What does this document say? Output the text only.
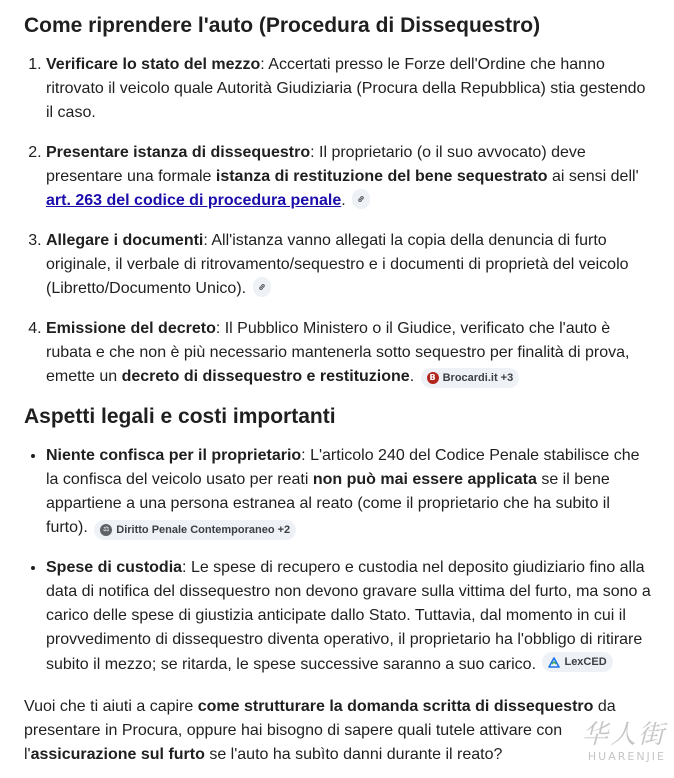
Come riprendere l'auto (Procedura di Dissequestro)
1. Verificare lo stato del mezzo: Accertati presso le Forze dell'Ordine che hanno ritrovato il veicolo quale Autorità Giudiziaria (Procura della Repubblica) stia gestendo il caso.
2. Presentare istanza di dissequestro: Il proprietario (o il suo avvocato) deve presentare una formale istanza di restituzione del bene sequestrato ai sensi dell' art. 263 del codice di procedura penale.
3. Allegare i documenti: All'istanza vanno allegati la copia della denuncia di furto originale, il verbale di ritrovamento/sequestro e i documenti di proprietà del veicolo (Libretto/Documento Unico).
4. Emissione del decreto: Il Pubblico Ministero o il Giudice, verificato che l'auto è rubata e che non è più necessario mantenerla sotto sequestro per finalità di prova, emette un decreto di dissequestro e restituzione.	B Brocardi.it +3
Aspetti legali e costi importanti
• Niente confisca per il proprietario: L'articolo 240 del Codice Penale stabilisce che la confisca del veicolo usato per reati non può mai essere applicata se il bene appartiene a una persona estranea al reato (come il proprietario che ha subito il furto).	⚖ Diritto Penale Contemporaneo +2
• Spese di custodia: Le spese di recupero e custodia nel deposito giudiziario fino alla data di notifica del dissequestro non devono gravare sulla vittima del furto, ma sono a carico delle spese di giustizia anticipate dallo Stato. Tuttavia, dal momento in cui il provvedimento di dissequestro diventa operativo, il proprietario ha l'obbligo di ritirare subito il mezzo; se ritarda, le spese successive saranno a suo carico.	LexCED

Vuoi che ti aiuti a capire come strutturare la domanda scritta di dissequestro da presentare in Procura, oppure hai bisogno di sapere quali tutele attivare con l'assicurazione sul furto se l'auto ha subìto danni durante il reato?

华人街
HUARENJIE
